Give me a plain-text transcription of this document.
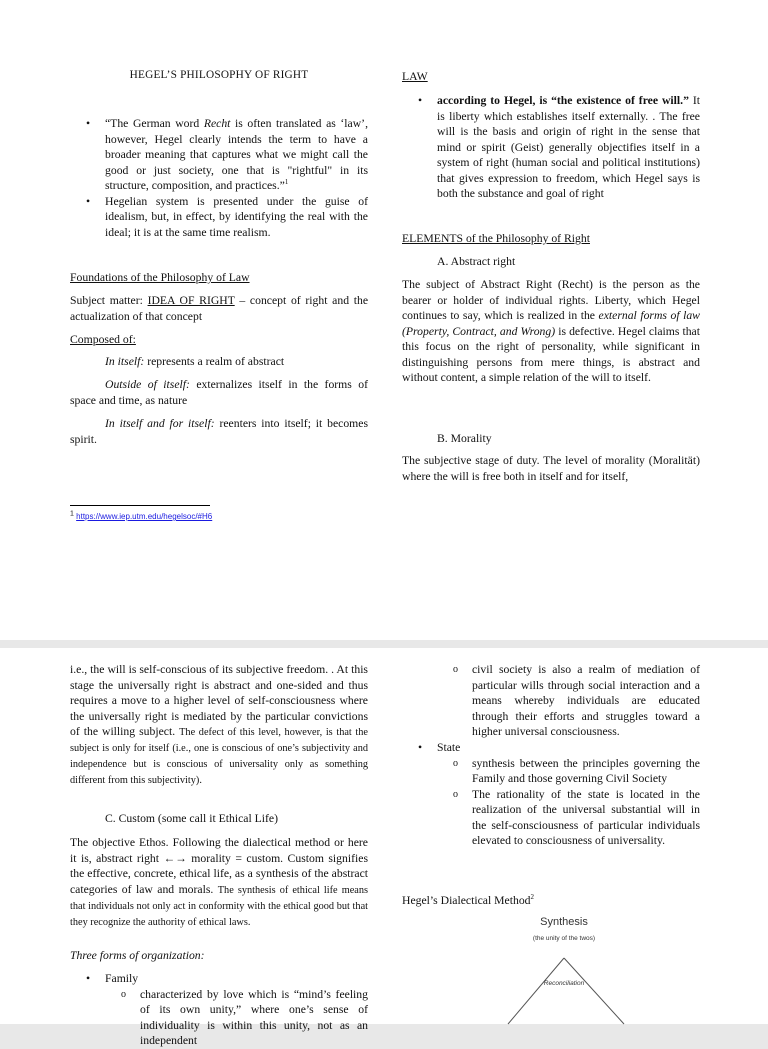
HEGEL’S PHILOSOPHY OF RIGHT
• “The German word Recht is often translated as ‘law’, however, Hegel clearly intends the term to have a broader meaning that captures what we might call the good or just society, one that is "rightful" in its structure, composition, and practices.”$^1$
• Hegelian system is presented under the guise of idealism, but, in effect, by identifying the real with the ideal; it is at the same time realism.

Foundations of the Philosophy of Law

Subject matter: IDEA OF RIGHT – concept of right and the actualization of that concept

Composed of:

In itself: represents a realm of abstract

Outside of itself: externalizes itself in the forms of space and time, as nature

In itself and for itself: reenters into itself; it becomes spirit.

$^1$ https://www.iep.utm.edu/hegelsoc/#H6

LAW

• according to Hegel, is “the existence of free will.” It is liberty which establishes itself externally. . The free will is the basis and origin of right in the sense that mind or spirit (Geist) generally objectifies itself in a system of right (human social and political institutions) that gives expression to freedom, which Hegel says is both the substance and goal of right

ELEMENTS of the Philosophy of Right

A. Abstract right

The subject of Abstract Right (Recht) is the person as the bearer or holder of individual rights. Liberty, which Hegel continues to say, which is realized in the external forms of law (Property, Contract, and Wrong) is defective. Hegel claims that this focus on the right of personality, while significant in distinguishing persons from mere things, is abstract and without content, a simple relation of the will to itself.

B. Morality

The subjective stage of duty. The level of morality (Moralität) where the will is free both in itself and for itself,

i.e., the will is self-conscious of its subjective freedom. . At this stage the universally right is abstract and one-sided and thus requires a move to a higher level of self-consciousness where the universally right is mediated by the particular convictions of the willing subject. The defect of this level, however, is that the subject is only for itself (i.e., one is conscious of one’s subjectivity and independence but is conscious of universality only as something different from this subjectivity).

C. Custom (some call it Ethical Life)

The objective Ethos. Following the dialectical method or here it is, abstract right ←→ morality = custom. Custom signifies the effective, concrete, ethical life, as a synthesis of the abstract categories of law and morals. The synthesis of ethical life means that individuals not only act in conformity with the ethical good but that they recognize the authority of ethical laws.

Three forms of organization:

• Family
o characterized by love which is “mind’s feeling of its own unity,” where one’s sense of individuality is within this unity, not as an independent
o civil society is also a realm of mediation of particular wills through social interaction and a means whereby individuals are educated through their efforts and struggles toward a higher universal consciousness.
• State
o synthesis between the principles governing the Family and those governing Civil Society
o The rationality of the state is located in the realization of the universal substantial will in the self-consciousness of particular individuals elevated to consciousness of universality.

Hegel’s Dialectical Method$^2$

Synthesis
(the unity of the twos)
Reconciliation
